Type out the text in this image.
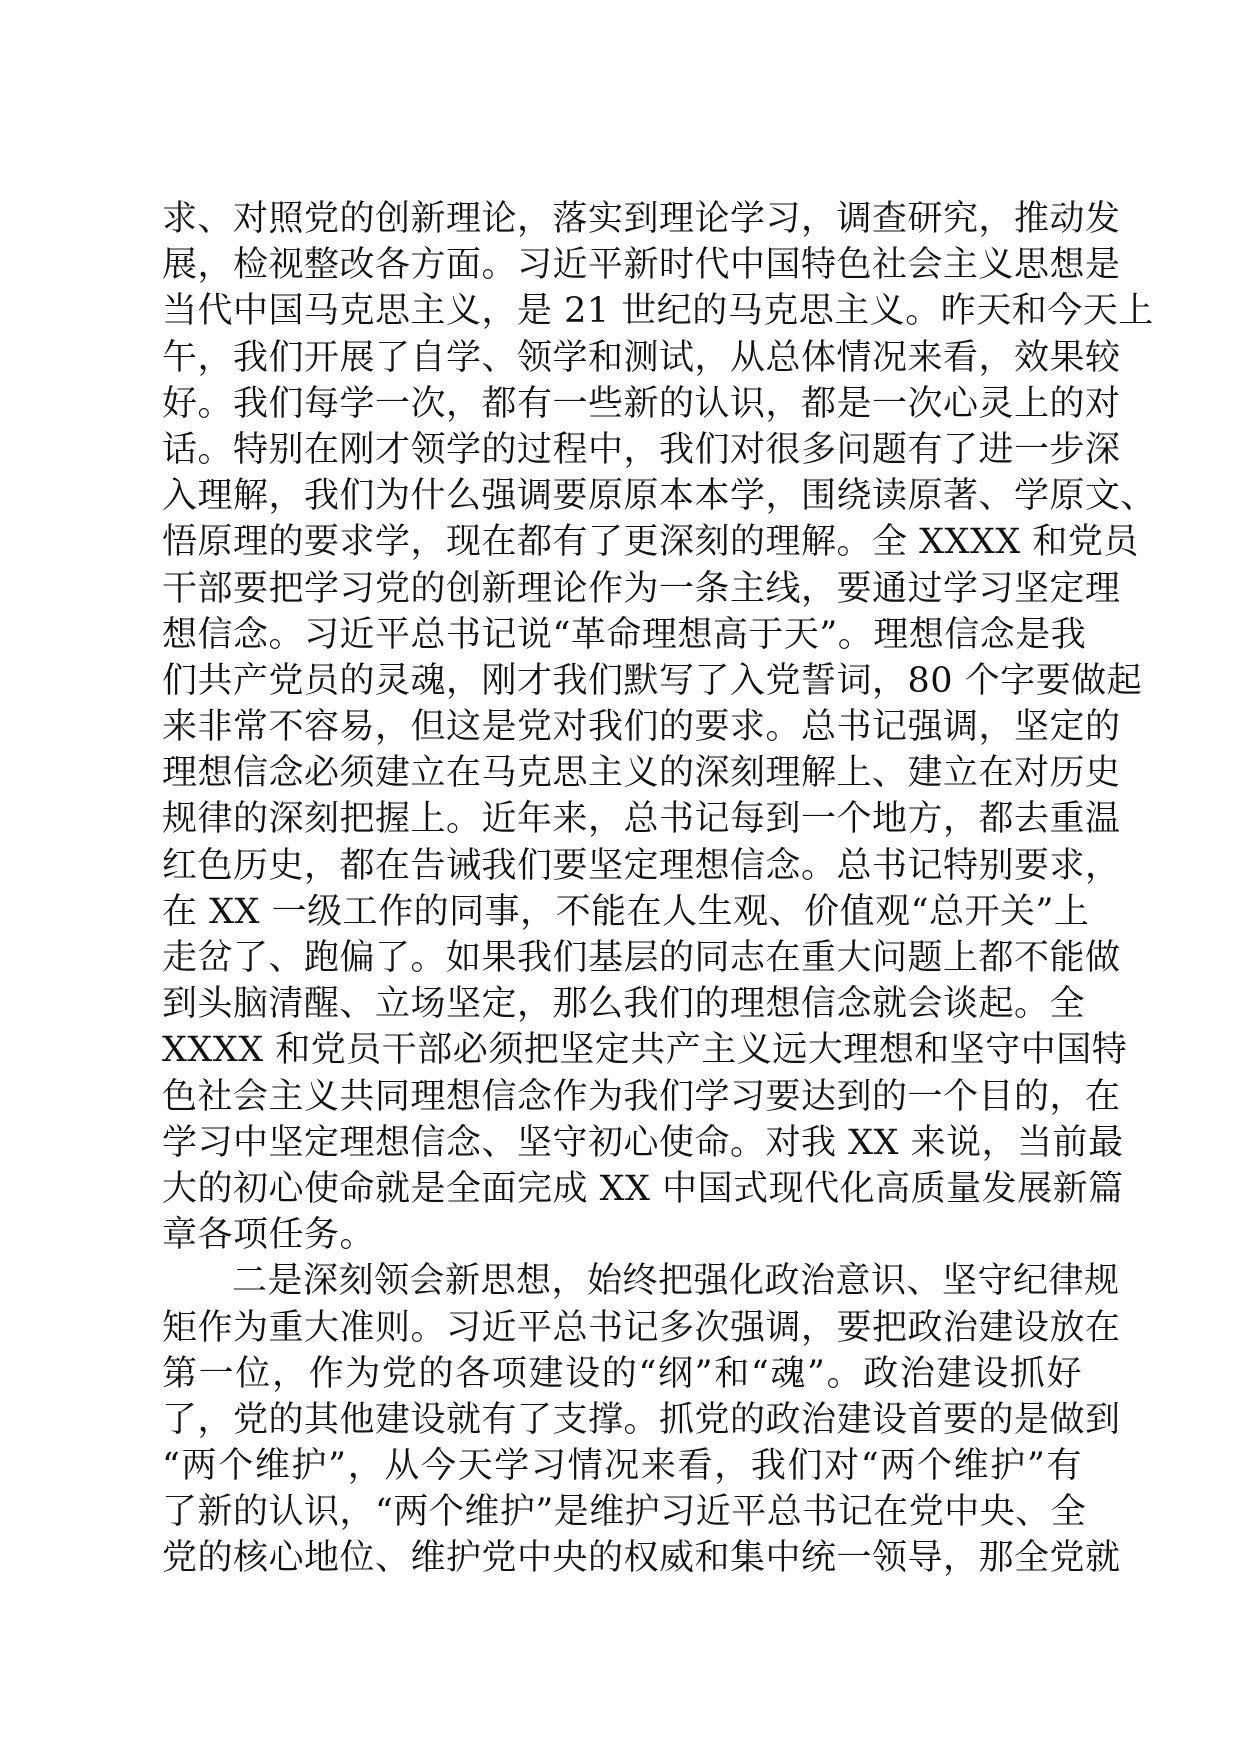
求、对照党的创新理论，落实到理论学习，调查研究，推动发
展，检视整改各方面。习近平新时代中国特色社会主义思想是
当代中国马克思主义，是 21 世纪的马克思主义。昨天和今天上
午，我们开展了自学、领学和测试，从总体情况来看，效果较
好。我们每学一次，都有一些新的认识，都是一次心灵上的对
话。特别在刚才领学的过程中，我们对很多问题有了进一步深
入理解，我们为什么强调要原原本本学，围绕读原著、学原文、
悟原理的要求学，现在都有了更深刻的理解。全 XXXX 和党员
干部要把学习党的创新理论作为一条主线，要通过学习坚定理
想信念。习近平总书记说“革命理想高于天”。理想信念是我
们共产党员的灵魂，刚才我们默写了入党誓词，80 个字要做起
来非常不容易，但这是党对我们的要求。总书记强调，坚定的
理想信念必须建立在马克思主义的深刻理解上、建立在对历史
规律的深刻把握上。近年来，总书记每到一个地方，都去重温
红色历史，都在告诫我们要坚定理想信念。总书记特别要求，
在 XX 一级工作的同事，不能在人生观、价值观“总开关”上
走岔了、跑偏了。如果我们基层的同志在重大问题上都不能做
到头脑清醒、立场坚定，那么我们的理想信念就会谈起。全
XXXX 和党员干部必须把坚定共产主义远大理想和坚守中国特
色社会主义共同理想信念作为我们学习要达到的一个目的，在
学习中坚定理想信念、坚守初心使命。对我 XX 来说，当前最
大的初心使命就是全面完成 XX 中国式现代化高质量发展新篇
章各项任务。
二是深刻领会新思想，始终把强化政治意识、坚守纪律规
矩作为重大准则。习近平总书记多次强调，要把政治建设放在
第一位，作为党的各项建设的“纲”和“魂”。政治建设抓好
了，党的其他建设就有了支撑。抓党的政治建设首要的是做到
“两个维护”，从今天学习情况来看，我们对“两个维护”有
了新的认识，“两个维护”是维护习近平总书记在党中央、全
党的核心地位、维护党中央的权威和集中统一领导，那全党就
